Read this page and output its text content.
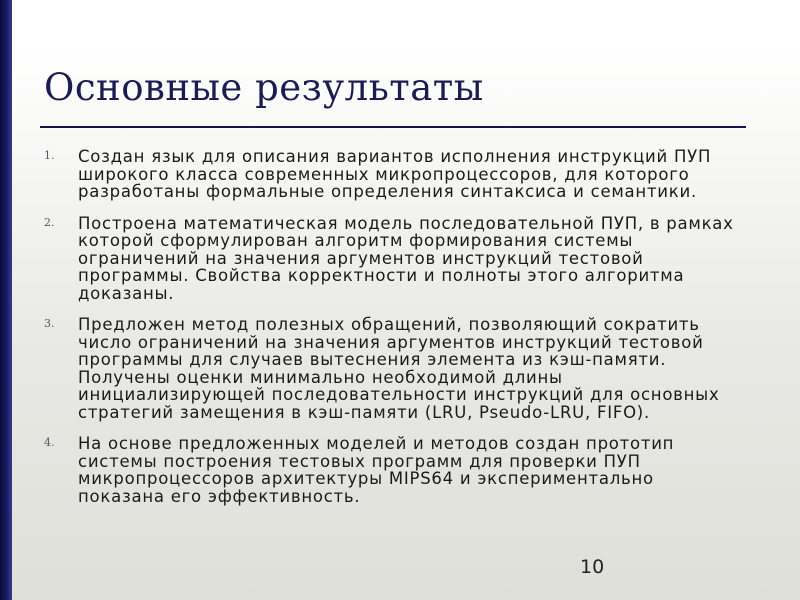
Основные результаты
1.	Создан язык для описания вариантов исполнения инструкций ПУП широкого класса современных микропроцессоров, для которого разработаны формальные определения синтаксиса и семантики.
2.	Построена математическая модель последовательной ПУП, в рамках которой сформулирован алгоритм формирования системы ограничений на значения аргументов инструкций тестовой программы. Свойства корректности и полноты этого алгоритма доказаны.
3.	Предложен метод полезных обращений, позволяющий сократить число ограничений на значения аргументов инструкций тестовой программы для случаев вытеснения элемента из кэш-памяти. Получены оценки минимально необходимой длины инициализирующей последовательности инструкций для основных стратегий замещения в кэш-памяти (LRU, Pseudo-LRU, FIFO).
4.	На основе предложенных моделей и методов создан прототип системы построения тестовых программ для проверки ПУП микропроцессоров архитектуры MIPS64 и экспериментально показана его эффективность.
10
